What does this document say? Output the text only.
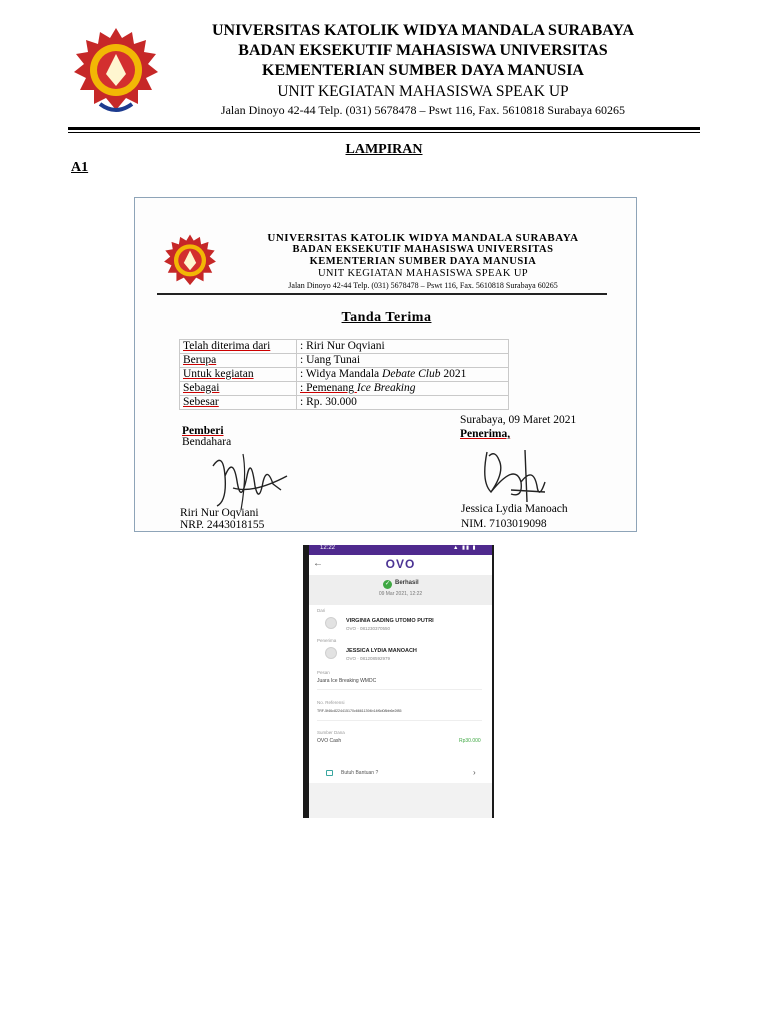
UNIVERSITAS KATOLIK WIDYA MANDALA SURABAYA
BADAN EKSEKUTIF MAHASISWA UNIVERSITAS
KEMENTERIAN SUMBER DAYA MANUSIA
UNIT KEGIATAN MAHASISWA SPEAK UP
Jalan Dinoyo 42-44 Telp. (031) 5678478 – Pswt 116, Fax. 5610818 Surabaya 60265
LAMPIRAN
A1
UNIVERSITAS KATOLIK WIDYA MANDALA SURABAYA
BADAN EKSEKUTIF MAHASISWA UNIVERSITAS
KEMENTERIAN SUMBER DAYA MANUSIA
UNIT KEGIATAN MAHASISWA SPEAK UP
Jalan Dinoyo 42-44 Telp. (031) 5678478 – Pswt 116, Fax. 5610818 Surabaya 60265
Tanda Terima
Telah diterima dari	: Riri Nur Oqviani
Berupa	: Uang Tunai
Untuk kegiatan	: Widya Mandala Debate Club 2021
Sebagai	: Pemenang Ice Breaking
Sebesar	: Rp. 30.000
Surabaya, 09 Maret 2021
Penerima,
Pemberi
Bendahara
Riri Nur Oqviani
NRP. 2443018155
Jessica Lydia Manoach
NIM. 7103019098
12:22	▲ ▮▮ ▮
←	OVO
✓ Berhasil
09 Mar 2021, 12:22
Dari
VIRGINIA GADING UTOMO PUTRI
OVO · 081230370550
Penerima
JESSICA LYDIA MANOACH
OVO · 081208592979
Pesan
Juara Ice Breaking WMDC
No. Referensi
TRF-5f46c8224415170c66611394b14f6d08bb6e2f85
Sumber Dana
OVO Cash	Rp30.000
Butuh Bantuan ?	›
